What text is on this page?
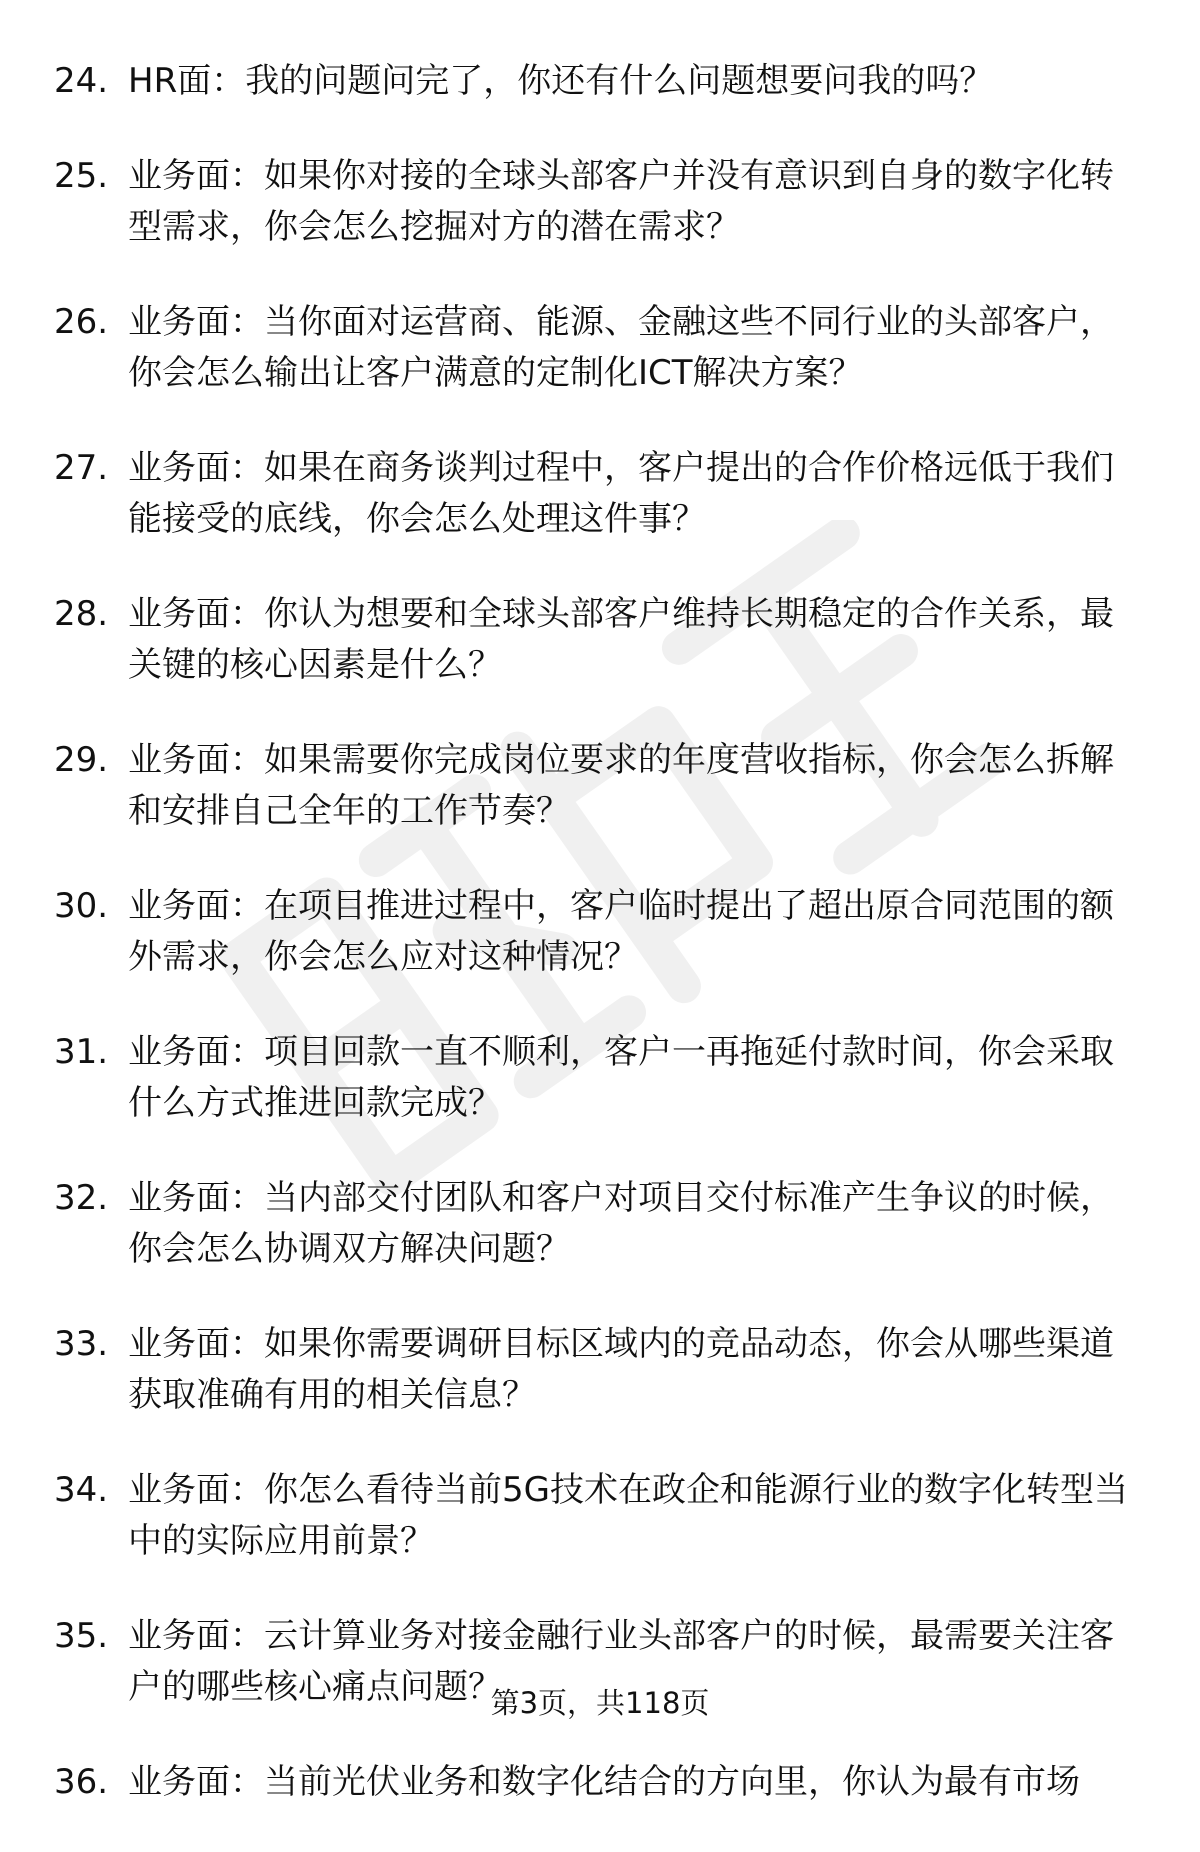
24. HR面：我的问题问完了，你还有什么问题想要问我的吗？
25. 业务面：如果你对接的全球头部客户并没有意识到自身的数字化转型需求，你会怎么挖掘对方的潜在需求？
26. 业务面：当你面对运营商、能源、金融这些不同行业的头部客户，你会怎么输出让客户满意的定制化ICT解决方案？
27. 业务面：如果在商务谈判过程中，客户提出的合作价格远低于我们能接受的底线，你会怎么处理这件事？
28. 业务面：你认为想要和全球头部客户维持长期稳定的合作关系，最关键的核心因素是什么？
29. 业务面：如果需要你完成岗位要求的年度营收指标，你会怎么拆解和安排自己全年的工作节奏？
30. 业务面：在项目推进过程中，客户临时提出了超出原合同范围的额外需求，你会怎么应对这种情况？
31. 业务面：项目回款一直不顺利，客户一再拖延付款时间，你会采取什么方式推进回款完成？
32. 业务面：当内部交付团队和客户对项目交付标准产生争议的时候，你会怎么协调双方解决问题？
33. 业务面：如果你需要调研目标区域内的竞品动态，你会从哪些渠道获取准确有用的相关信息？
34. 业务面：你怎么看待当前5G技术在政企和能源行业的数字化转型当中的实际应用前景？
35. 业务面：云计算业务对接金融行业头部客户的时候，最需要关注客户的哪些核心痛点问题？
36. 业务面：当前光伏业务和数字化结合的方向里，你认为最有市场
第3页，共118页
